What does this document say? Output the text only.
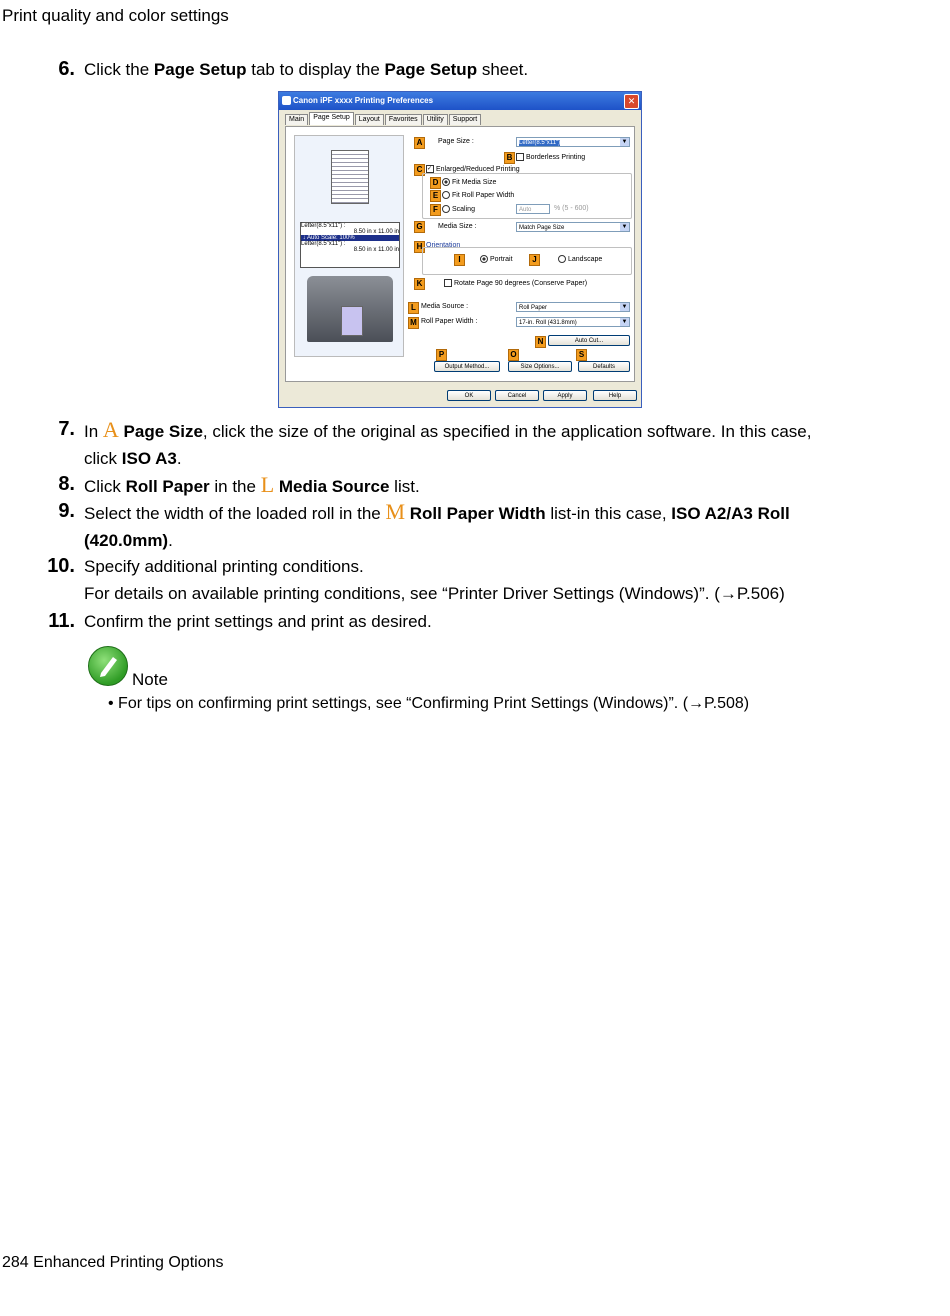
Print quality and color settings
6. Click the Page Setup tab to display the Page Setup sheet.
Canon iPF xxxx Printing Preferences	✕
Main	Page Setup	Layout	Favorites	Utility	Support
Letter(8.5"x11") :
8.50 in x 11.00 in
↓ Auto Scale: 100%
Letter(8.5"x11") :
8.50 in x 11.00 in
A	Page Size :	Letter(8.5"x11")	▼
B	Borderless Printing
C ✓ Enlarged/Reduced Printing
D	Fit Media Size
E	Fit Roll Paper Width
F	Scaling	Auto	% (5 - 600)
G	Media Size :	Match Page Size	▼
H Orientation
I	Portrait	J	Landscape
K	Rotate Page 90 degrees (Conserve Paper)
L Media Source :	Roll Paper	▼
M Roll Paper Width :	17-in. Roll (431.8mm)	▼
N	Auto Cut...
P	O	S
Output Method...	Size Options...	Defaults
OK	Cancel	Apply	Help
7. In A Page Size, click the size of the original as specified in the application software. In this case, click ISO A3.
8. Click Roll Paper in the L Media Source list.
9. Select the width of the loaded roll in the M Roll Paper Width list-in this case, ISO A2/A3 Roll (420.0mm).
10. Specify additional printing conditions.
For details on available printing conditions, see “Printer Driver Settings (Windows)”. (→P.506)
11. Confirm the print settings and print as desired.
Note
• For tips on confirming print settings, see “Confirming Print Settings (Windows)”. (→P.508)
284 Enhanced Printing Options
